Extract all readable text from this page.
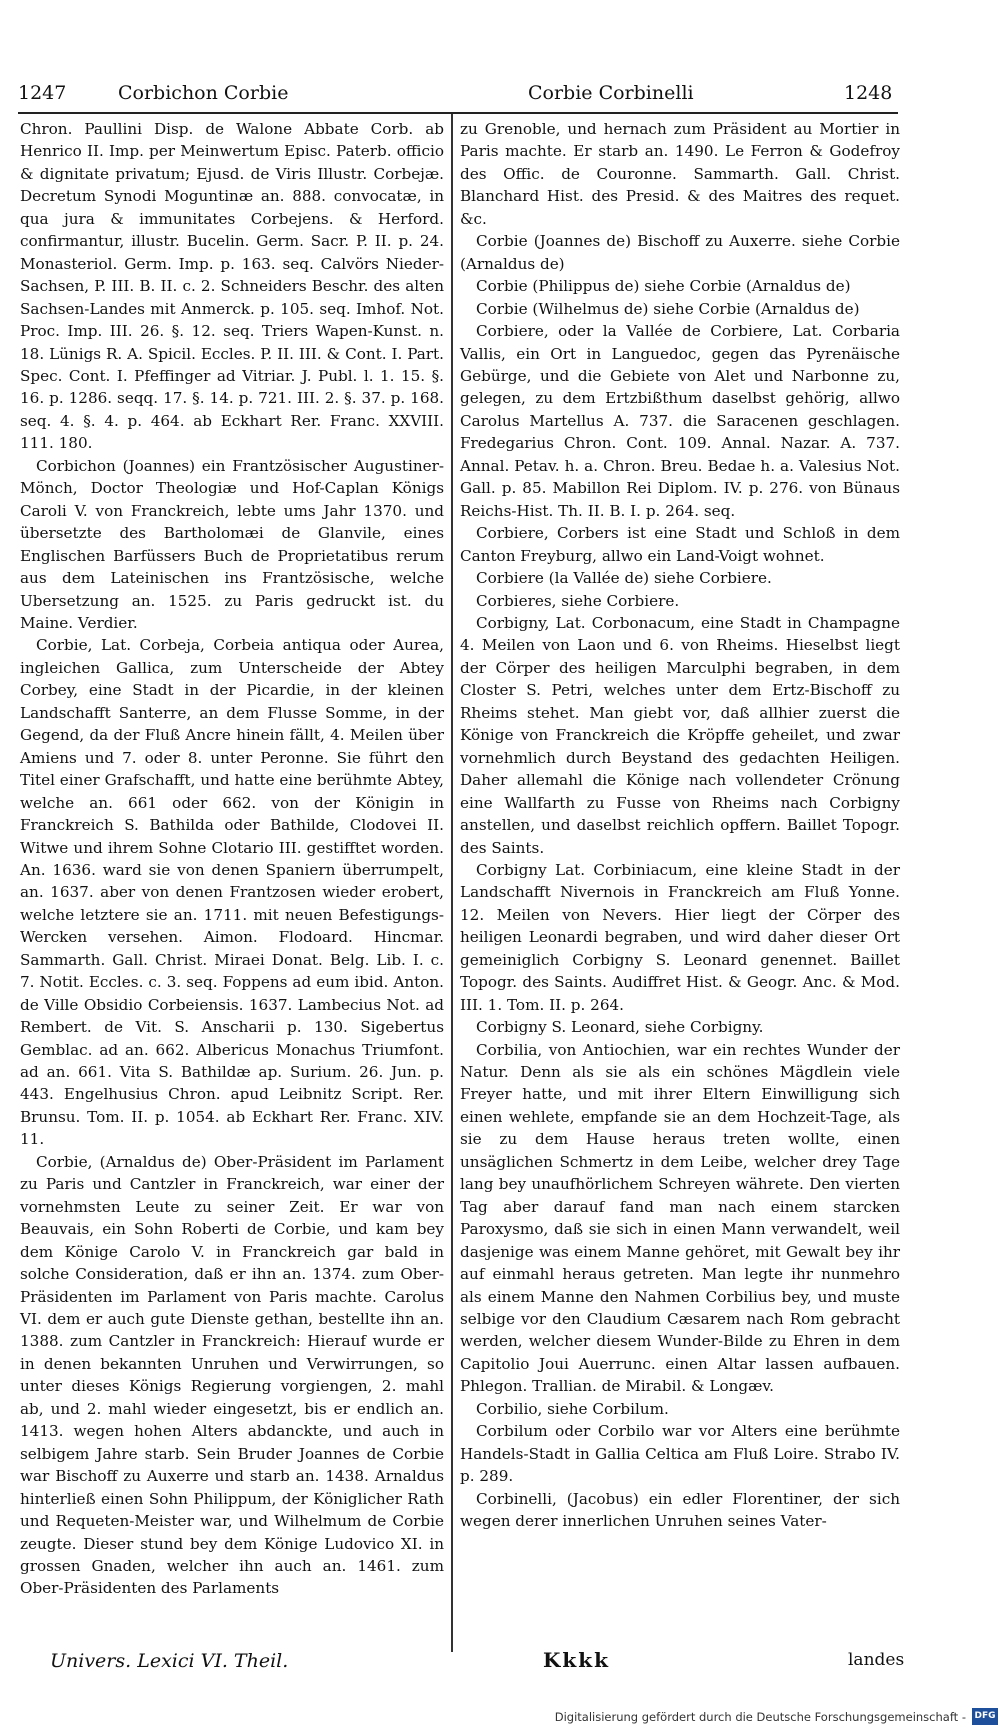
1247	Corbichon Corbie	Corbie Corbinelli	1248

Chron. Paullini Disp. de Walone Abbate Corb. ab Henrico II. Imp. per Meinwertum Episc. Paterb. officio & dignitate privatum; Ejusd. de Viris Illustr. Corbejæ. Decretum Synodi Moguntinæ an. 888. convocatæ, in qua jura & immunitates Corbejens. & Herford. confirmantur, illustr. Bucelin. Germ. Sacr. P. II. p. 24. Monasteriol. Germ. Imp. p. 163. seq. Calvörs Nieder-Sachsen, P. III. B. II. c. 2. Schneiders Beschr. des alten Sachsen-Landes mit Anmerck. p. 105. seq. Imhof. Not. Proc. Imp. III. 26. §. 12. seq. Triers Wapen-Kunst. n. 18. Lünigs R. A. Spicil. Eccles. P. II. III. & Cont. I. Part. Spec. Cont. I. Pfeffinger ad Vitriar. J. Publ. l. 1. 15. §. 16. p. 1286. seqq. 17. §. 14. p. 721. III. 2. §. 37. p. 168. seq. 4. §. 4. p. 464. ab Eckhart Rer. Franc. XXVIII. 111. 180.

Corbichon (Joannes) ein Frantzösischer Augustiner-Mönch, Doctor Theologiæ und Hof-Caplan Königs Caroli V. von Franckreich, lebte ums Jahr 1370. und übersetzte des Bartholomæi de Glanvile, eines Englischen Barfüssers Buch de Proprietatibus rerum aus dem Lateinischen ins Frantzösische, welche Ubersetzung an. 1525. zu Paris gedruckt ist. du Maine. Verdier.

Corbie, Lat. Corbeja, Corbeia antiqua oder Aurea, ingleichen Gallica, zum Unterscheide der Abtey Corbey, eine Stadt in der Picardie, in der kleinen Landschafft Santerre, an dem Flusse Somme, in der Gegend, da der Fluß Ancre hinein fällt, 4. Meilen über Amiens und 7. oder 8. unter Peronne. Sie führt den Titel einer Grafschafft, und hatte eine berühmte Abtey, welche an. 661 oder 662. von der Königin in Franckreich S. Bathilda oder Bathilde, Clodovei II. Witwe und ihrem Sohne Clotario III. gestifftet worden. An. 1636. ward sie von denen Spaniern überrumpelt, an. 1637. aber von denen Frantzosen wieder erobert, welche letztere sie an. 1711. mit neuen Befestigungs-Wercken versehen. Aimon. Flodoard. Hincmar. Sammarth. Gall. Christ. Miraei Donat. Belg. Lib. I. c. 7. Notit. Eccles. c. 3. seq. Foppens ad eum ibid. Anton. de Ville Obsidio Corbeiensis. 1637. Lambecius Not. ad Rembert. de Vit. S. Anscharii p. 130. Sigebertus Gemblac. ad an. 662. Albericus Monachus Triumfont. ad an. 661. Vita S. Bathildæ ap. Surium. 26. Jun. p. 443. Engelhusius Chron. apud Leibnitz Script. Rer. Brunsu. Tom. II. p. 1054. ab Eckhart Rer. Franc. XIV. 11.

Corbie, (Arnaldus de) Ober-Präsident im Parlament zu Paris und Cantzler in Franckreich, war einer der vornehmsten Leute zu seiner Zeit. Er war von Beauvais, ein Sohn Roberti de Corbie, und kam bey dem Könige Carolo V. in Franckreich gar bald in solche Consideration, daß er ihn an. 1374. zum Ober-Präsidenten im Parlament von Paris machte. Carolus VI. dem er auch gute Dienste gethan, bestellte ihn an. 1388. zum Cantzler in Franckreich: Hierauf wurde er in denen bekannten Unruhen und Verwirrungen, so unter dieses Königs Regierung vorgiengen, 2. mahl ab, und 2. mahl wieder eingesetzt, bis er endlich an. 1413. wegen hohen Alters abdanckte, und auch in selbigem Jahre starb. Sein Bruder Joannes de Corbie war Bischoff zu Auxerre und starb an. 1438. Arnaldus hinterließ einen Sohn Philippum, der Königlicher Rath und Requeten-Meister war, und Wilhelmum de Corbie zeugte. Dieser stund bey dem Könige Ludovico XI. in grossen Gnaden, welcher ihn auch an. 1461. zum Ober-Präsidenten des Parlaments

zu Grenoble, und hernach zum Präsident au Mortier in Paris machte. Er starb an. 1490. Le Ferron & Godefroy des Offic. de Couronne. Sammarth. Gall. Christ. Blanchard Hist. des Presid. & des Maitres des requet. &c.

Corbie (Joannes de) Bischoff zu Auxerre. siehe Corbie (Arnaldus de)

Corbie (Philippus de) siehe Corbie (Arnaldus de)

Corbie (Wilhelmus de) siehe Corbie (Arnaldus de)

Corbiere, oder la Vallée de Corbiere, Lat. Corbaria Vallis, ein Ort in Languedoc, gegen das Pyrenäische Gebürge, und die Gebiete von Alet und Narbonne zu, gelegen, zu dem Ertzbißthum daselbst gehörig, allwo Carolus Martellus A. 737. die Saracenen geschlagen. Fredegarius Chron. Cont. 109. Annal. Nazar. A. 737. Annal. Petav. h. a. Chron. Breu. Bedae h. a. Valesius Not. Gall. p. 85. Mabillon Rei Diplom. IV. p. 276. von Bünaus Reichs-Hist. Th. II. B. I. p. 264. seq.

Corbiere, Corbers ist eine Stadt und Schloß in dem Canton Freyburg, allwo ein Land-Voigt wohnet.

Corbiere (la Vallée de) siehe Corbiere.

Corbieres, siehe Corbiere.

Corbigny, Lat. Corbonacum, eine Stadt in Champagne 4. Meilen von Laon und 6. von Rheims. Hieselbst liegt der Cörper des heiligen Marculphi begraben, in dem Closter S. Petri, welches unter dem Ertz-Bischoff zu Rheims stehet. Man giebt vor, daß allhier zuerst die Könige von Franckreich die Kröpffe geheilet, und zwar vornehmlich durch Beystand des gedachten Heiligen. Daher allemahl die Könige nach vollendeter Crönung eine Wallfarth zu Fusse von Rheims nach Corbigny anstellen, und daselbst reichlich opffern. Baillet Topogr. des Saints.

Corbigny Lat. Corbiniacum, eine kleine Stadt in der Landschafft Nivernois in Franckreich am Fluß Yonne. 12. Meilen von Nevers. Hier liegt der Cörper des heiligen Leonardi begraben, und wird daher dieser Ort gemeiniglich Corbigny S. Leonard genennet. Baillet Topogr. des Saints. Audiffret Hist. & Geogr. Anc. & Mod. III. 1. Tom. II. p. 264.

Corbigny S. Leonard, siehe Corbigny.

Corbilia, von Antiochien, war ein rechtes Wunder der Natur. Denn als sie als ein schönes Mägdlein viele Freyer hatte, und mit ihrer Eltern Einwilligung sich einen wehlete, empfande sie an dem Hochzeit-Tage, als sie zu dem Hause heraus treten wollte, einen unsäglichen Schmertz in dem Leibe, welcher drey Tage lang bey unaufhörlichem Schreyen währete. Den vierten Tag aber darauf fand man nach einem starcken Paroxysmo, daß sie sich in einen Mann verwandelt, weil dasjenige was einem Manne gehöret, mit Gewalt bey ihr auf einmahl heraus getreten. Man legte ihr nunmehro als einem Manne den Nahmen Corbilius bey, und muste selbige vor den Claudium Cæsarem nach Rom gebracht werden, welcher diesem Wunder-Bilde zu Ehren in dem Capitolio Joui Auerrunc. einen Altar lassen aufbauen. Phlegon. Trallian. de Mirabil. & Longæv.

Corbilio, siehe Corbilum.

Corbilum oder Corbilo war vor Alters eine berühmte Handels-Stadt in Gallia Celtica am Fluß Loire. Strabo IV. p. 289.

Corbinelli, (Jacobus) ein edler Florentiner, der sich wegen derer innerlichen Unruhen seines Vater-

Univers. Lexici VI. Theil.	Kkkk	landes
Digitalisierung gefördert durch die Deutsche Forschungsgemeinschaft - DFG
